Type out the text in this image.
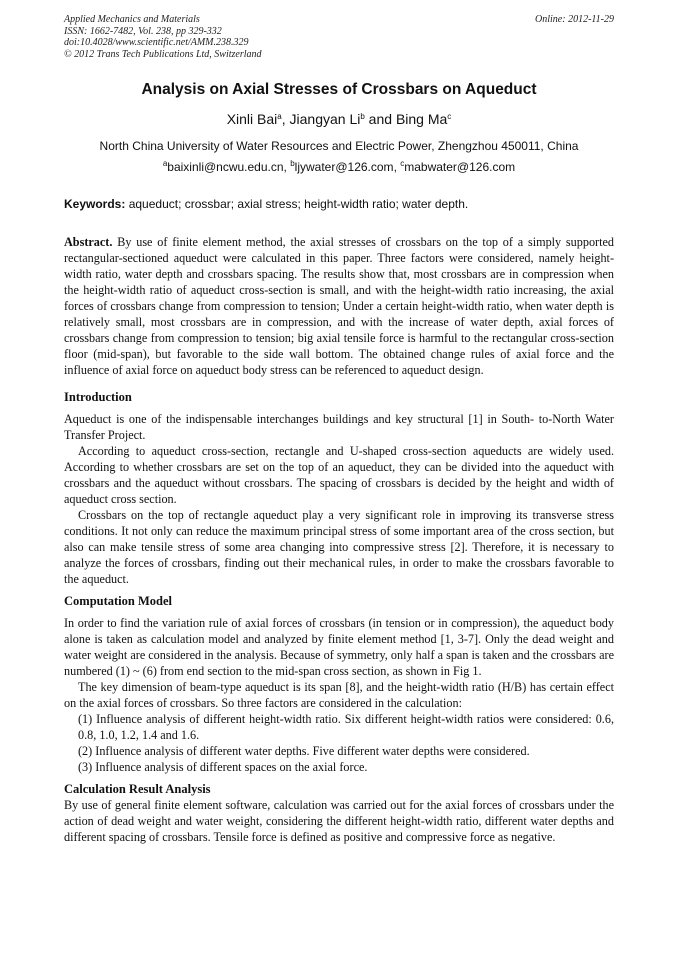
Applied Mechanics and Materials
ISSN: 1662-7482, Vol. 238, pp 329-332
doi:10.4028/www.scientific.net/AMM.238.329
© 2012 Trans Tech Publications Ltd, Switzerland
Online: 2012-11-29
Analysis on Axial Stresses of Crossbars on Aqueduct
Xinli Bai$^a$, Jiangyan Li$^b$ and Bing Ma$^c$
North China University of Water Resources and Electric Power, Zhengzhou 450011, China
$^a$baixinli@ncwu.edu.cn, $^b$ljywater@126.com, $^c$mabwater@126.com
Keywords: aqueduct; crossbar; axial stress; height-width ratio; water depth.

Abstract. By use of finite element method, the axial stresses of crossbars on the top of a simply supported rectangular-sectioned aqueduct were calculated in this paper. Three factors were considered, namely height-width ratio, water depth and crossbars spacing. The results show that, most crossbars are in compression when the height-width ratio of aqueduct cross-section is small, and with the height-width ratio increasing, the axial forces of crossbars change from compression to tension; Under a certain height-width ratio, when water depth is relatively small, most crossbars are in compression, and with the increase of water depth, axial forces of crossbars change from compression to tension; big axial tensile force is harmful to the rectangular cross-section floor (mid-span), but favorable to the side wall bottom. The obtained change rules of axial force and the influence of axial force on aqueduct body stress can be referenced to aqueduct design.

Introduction

Aqueduct is one of the indispensable interchanges buildings and key structural [1] in South- to-North Water Transfer Project.

According to aqueduct cross-section, rectangle and U-shaped cross-section aqueducts are widely used. According to whether crossbars are set on the top of an aqueduct, they can be divided into the aqueduct with crossbars and the aqueduct without crossbars. The spacing of crossbars is decided by the height and width of aqueduct cross section.

Crossbars on the top of rectangle aqueduct play a very significant role in improving its transverse stress conditions. It not only can reduce the maximum principal stress of some important area of the cross section, but also can make tensile stress of some area changing into compressive stress [2]. Therefore, it is necessary to analyze the forces of crossbars, finding out their mechanical rules, in order to make the crossbars favorable to the aqueduct.

Computation Model

In order to find the variation rule of axial forces of crossbars (in tension or in compression), the aqueduct body alone is taken as calculation model and analyzed by finite element method [1, 3-7]. Only the dead weight and water weight are considered in the analysis. Because of symmetry, only half a span is taken and the crossbars are numbered (1) ~ (6) from end section to the mid-span cross section, as shown in Fig 1.

The key dimension of beam-type aqueduct is its span [8], and the height-width ratio (H/B) has certain effect on the axial forces of crossbars. So three factors are considered in the calculation:

(1) Influence analysis of different height-width ratio. Six different height-width ratios were considered: 0.6, 0.8, 1.0, 1.2, 1.4 and 1.6.

(2) Influence analysis of different water depths. Five different water depths were considered.

(3) Influence analysis of different spaces on the axial force.

Calculation Result Analysis

By use of general finite element software, calculation was carried out for the axial forces of crossbars under the action of dead weight and water weight, considering the different height-width ratio, different water depths and different spacing of crossbars. Tensile force is defined as positive and compressive force as negative.
